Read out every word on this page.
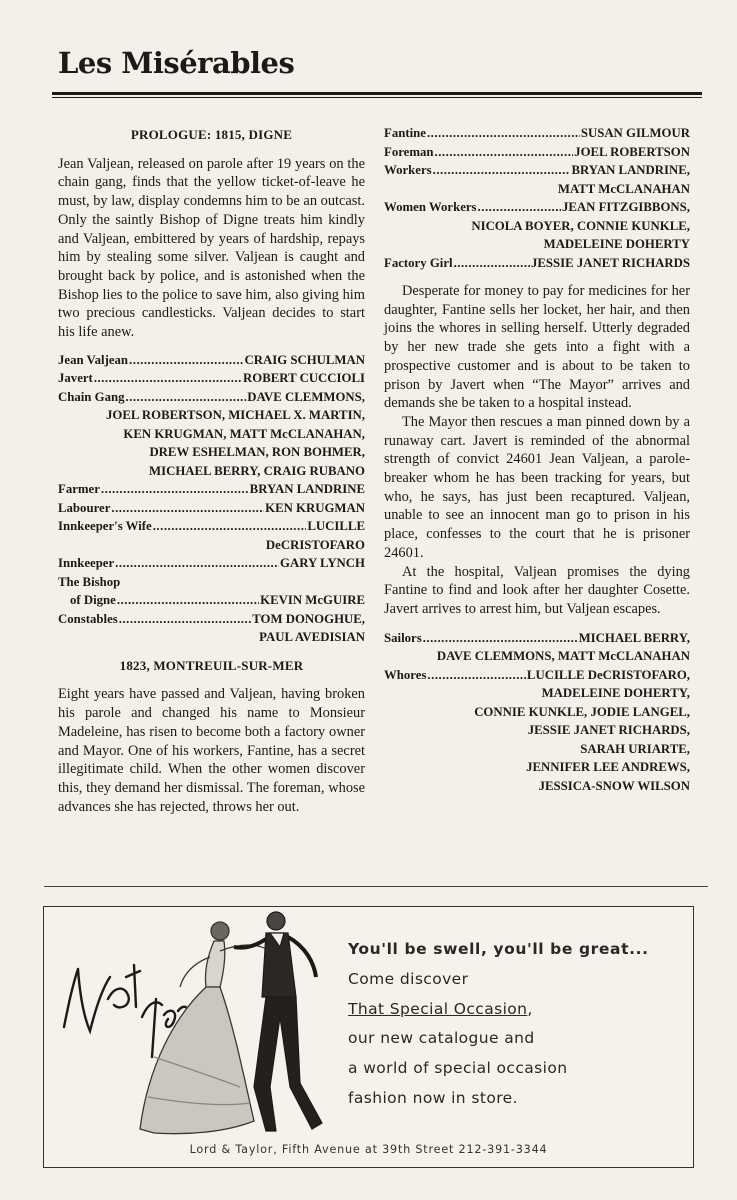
Les Misérables
PROLOGUE: 1815, DIGNE

Jean Valjean, released on parole after 19 years on the chain gang, finds that the yellow ticket-of-leave he must, by law, display condemns him to be an outcast. Only the saintly Bishop of Digne treats him kindly and Valjean, embittered by years of hardship, repays him by stealing some silver. Valjean is caught and brought back by police, and is astonished when the Bishop lies to the police to save him, also giving him two precious candlesticks. Valjean decides to start his life anew.

Jean Valjean .....	CRAIG SCHULMAN
Javert .....	ROBERT CUCCIOLI
Chain Gang .....	DAVE CLEMMONS,
JOEL ROBERTSON, MICHAEL X. MARTIN,
KEN KRUGMAN, MATT McCLANAHAN,
DREW ESHELMAN, RON BOHMER,
MICHAEL BERRY, CRAIG RUBANO
Farmer .....	BRYAN LANDRINE
Labourer .....	KEN KRUGMAN
Innkeeper's Wife .....	LUCILLE
DeCRISTOFARO
Innkeeper .....	GARY LYNCH
The Bishop
of Digne .....	KEVIN McGUIRE
Constables .....	TOM DONOGHUE,
PAUL AVEDISIAN
1823, MONTREUIL-SUR-MER

Eight years have passed and Valjean, having broken his parole and changed his name to Monsieur Madeleine, has risen to become both a factory owner and Mayor. One of his workers, Fantine, has a secret illegitimate child. When the other women discover this, they demand her dismissal. The foreman, whose advances she has rejected, throws her out.

Fantine .....	SUSAN GILMOUR
Foreman .....	JOEL ROBERTSON
Workers .....	BRYAN LANDRINE,
MATT McCLANAHAN
Women Workers .....	JEAN FITZGIBBONS,
NICOLA BOYER, CONNIE KUNKLE,
MADELEINE DOHERTY
Factory Girl .....	JESSIE JANET RICHARDS

Desperate for money to pay for medicines for her daughter, Fantine sells her locket, her hair, and then joins the whores in selling herself. Utterly degraded by her new trade she gets into a fight with a prospective customer and is about to be taken to prison by Javert when “The Mayor” arrives and demands she be taken to a hospital instead.

The Mayor then rescues a man pinned down by a runaway cart. Javert is reminded of the abnormal strength of convict 24601 Jean Valjean, a parole-breaker whom he has been tracking for years, but who, he says, has just been recaptured. Valjean, unable to see an innocent man go to prison in his place, confesses to the court that he is prisoner 24601.

At the hospital, Valjean promises the dying Fantine to find and look after her daughter Cosette. Javert arrives to arrest him, but Valjean escapes.

Sailors .....	MICHAEL BERRY,
DAVE CLEMMONS, MATT McCLANAHAN
Whores .....	LUCILLE DeCRISTOFARO,
MADELEINE DOHERTY,
CONNIE KUNKLE, JODIE LANGEL,
JESSIE JANET RICHARDS,
SARAH URIARTE,
JENNIFER LEE ANDREWS,
JESSICA-SNOW WILSON
You'll be swell, you'll be great...
Come discover
That Special Occasion,
our new catalogue and
a world of special occasion
fashion now in store.
Lord & Taylor, Fifth Avenue at 39th Street 212-391-3344
